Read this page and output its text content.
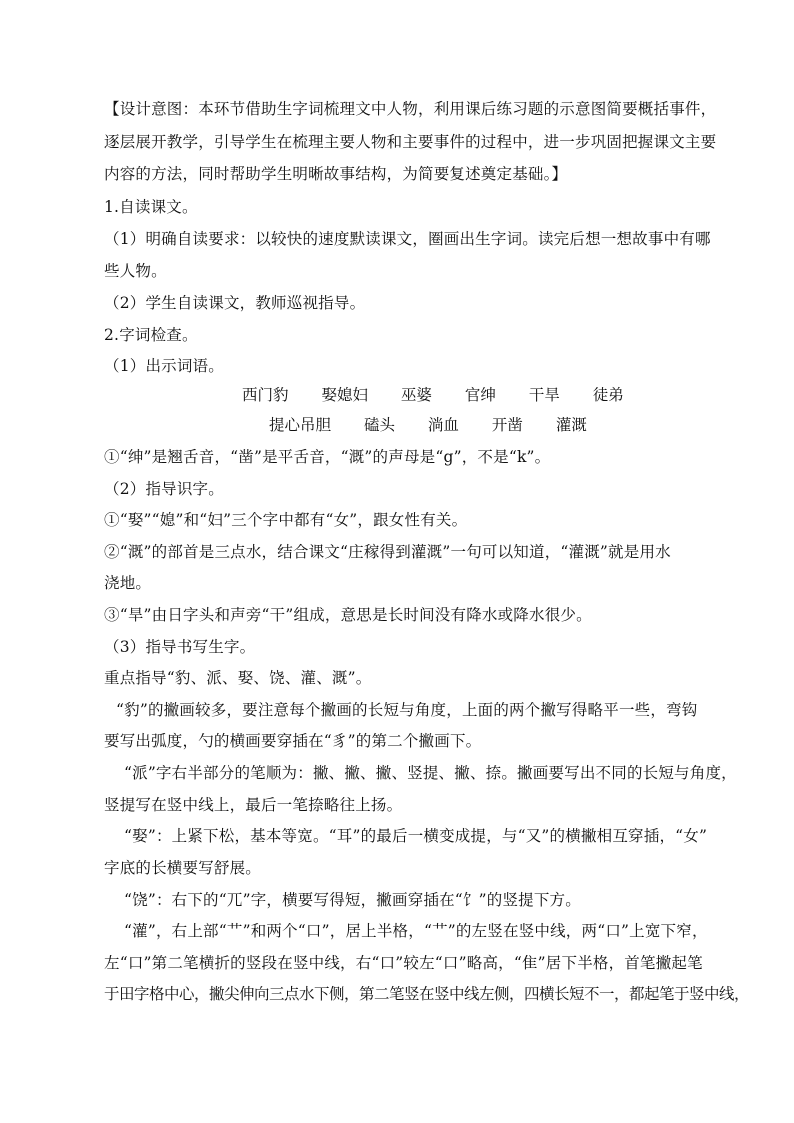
【设计意图：本环节借助生字词梳理文中人物，利用课后练习题的示意图简要概括事件，
逐层展开教学，引导学生在梳理主要人物和主要事件的过程中，进一步巩固把握课文主要
内容的方法，同时帮助学生明晰故事结构，为简要复述奠定基础。】
1.自读课文。
（1）明确自读要求：以较快的速度默读课文，圈画出生字词。读完后想一想故事中有哪
些人物。
（2）学生自读课文，教师巡视指导。
2.字词检查。
（1）出示词语。
西门豹 娶媳妇 巫婆 官绅 干旱 徒弟
提心吊胆 磕头 淌血 开凿 灌溉
①“绅”是翘舌音，“凿”是平舌音，“溉”的声母是“g”，不是“k”。
（2）指导识字。
①“娶”“媳”和“妇”三个字中都有“女”，跟女性有关。
②“溉”的部首是三点水，结合课文“庄稼得到灌溉”一句可以知道，“灌溉”就是用水
浇地。
③“旱”由日字头和声旁“干”组成，意思是长时间没有降水或降水很少。
（3）指导书写生字。
重点指导“豹、派、娶、饶、灌、溉”。
“豹”的撇画较多，要注意每个撇画的长短与角度，上面的两个撇写得略平一些，弯钩
要写出弧度，勺的横画要穿插在“豸”的第二个撇画下。
“派”字右半部分的笔顺为：撇、撇、撇、竖提、撇、捺。撇画要写出不同的长短与角度，
竖提写在竖中线上，最后一笔捺略往上扬。
“娶”：上紧下松，基本等宽。“耳”的最后一横变成提，与“又”的横撇相互穿插，“女”
字底的长横要写舒展。
“饶”：右下的“兀”字，横要写得短，撇画穿插在“饣”的竖提下方。
“灌”，右上部“艹”和两个“口”，居上半格，“艹”的左竖在竖中线，两“口”上宽下窄，
左“口”第二笔横折的竖段在竖中线，右“口”较左“口”略高，“隹”居下半格，首笔撇起笔
于田字格中心，撇尖伸向三点水下侧，第二笔竖在竖中线左侧，四横长短不一，都起笔于竖中线，
